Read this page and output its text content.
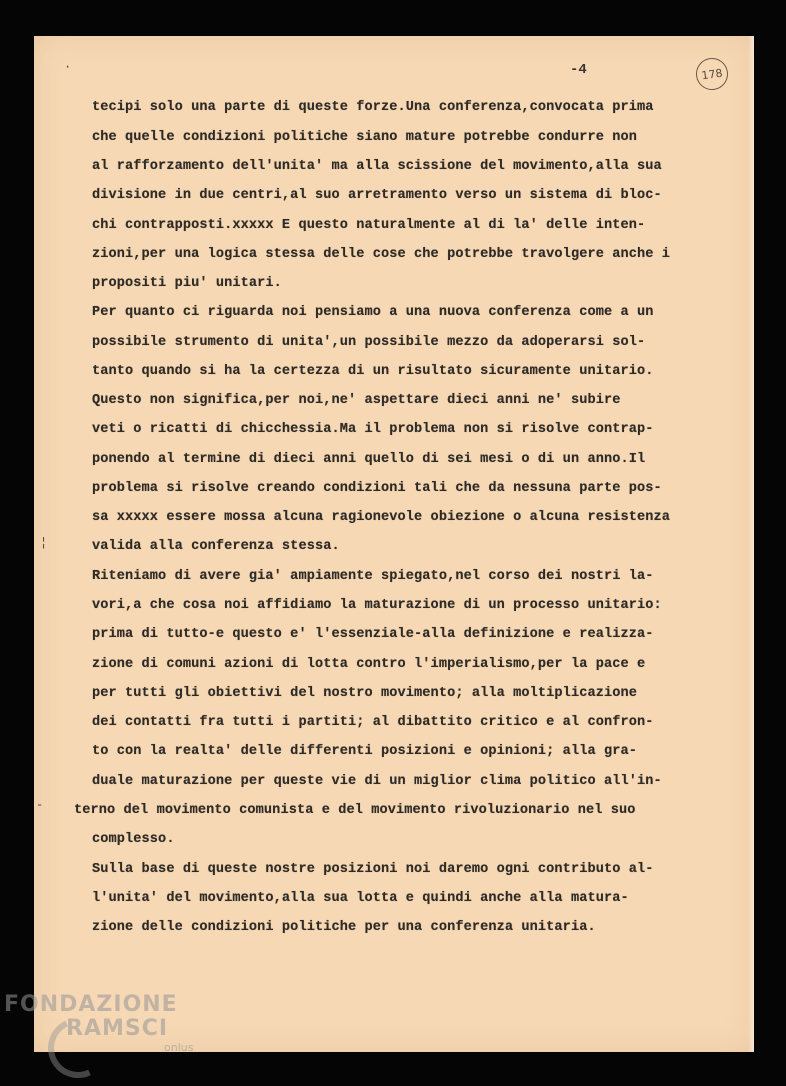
-4	178
tecipi solo una parte di queste forze.Una conferenza,convocata prima
che quelle condizioni politiche siano mature potrebbe condurre non
al rafforzamento dell'unita' ma alla scissione del movimento,alla sua
divisione in due centri,al suo arretramento verso un sistema di bloc-
chi contrapposti.xxxxx E questo naturalmente al di la' delle inten-
zioni,per una logica stessa delle cose che potrebbe travolgere anche i
propositi piu' unitari.
Per quanto ci riguarda noi pensiamo a una nuova conferenza come a un
possibile strumento di unita',un possibile mezzo da adoperarsi sol-
tanto quando si ha la certezza di un risultato sicuramente unitario.
Questo non significa,per noi,ne' aspettare dieci anni ne' subire
veti o ricatti di chicchessia.Ma il problema non si risolve contrap-
ponendo al termine di dieci anni quello di sei mesi o di un anno.Il
problema si risolve creando condizioni tali che da nessuna parte pos-
sa xxxxx essere mossa alcuna ragionevole obiezione o alcuna resistenza
valida alla conferenza stessa.
Riteniamo di avere gia' ampiamente spiegato,nel corso dei nostri la-
vori,a che cosa noi affidiamo la maturazione di un processo unitario:
prima di tutto-e questo e' l'essenziale-alla definizione e realizza-
zione di comuni azioni di lotta contro l'imperialismo,per la pace e
per tutti gli obiettivi del nostro movimento; alla moltiplicazione
dei contatti fra tutti i partiti; al dibattito critico e al confron-
to con la realta' delle differenti posizioni e opinioni; alla gra-
duale maturazione per queste vie di un miglior clima politico all'in-
terno del movimento comunista e del movimento rivoluzionario nel suo
complesso.
Sulla base di queste nostre posizioni noi daremo ogni contributo al-
l'unita' del movimento,alla sua lotta e quindi anche alla matura-
zione delle condizioni politiche per una conferenza unitaria.
·
¦
-
FONDAZIONE
RAMSCI
onlus
